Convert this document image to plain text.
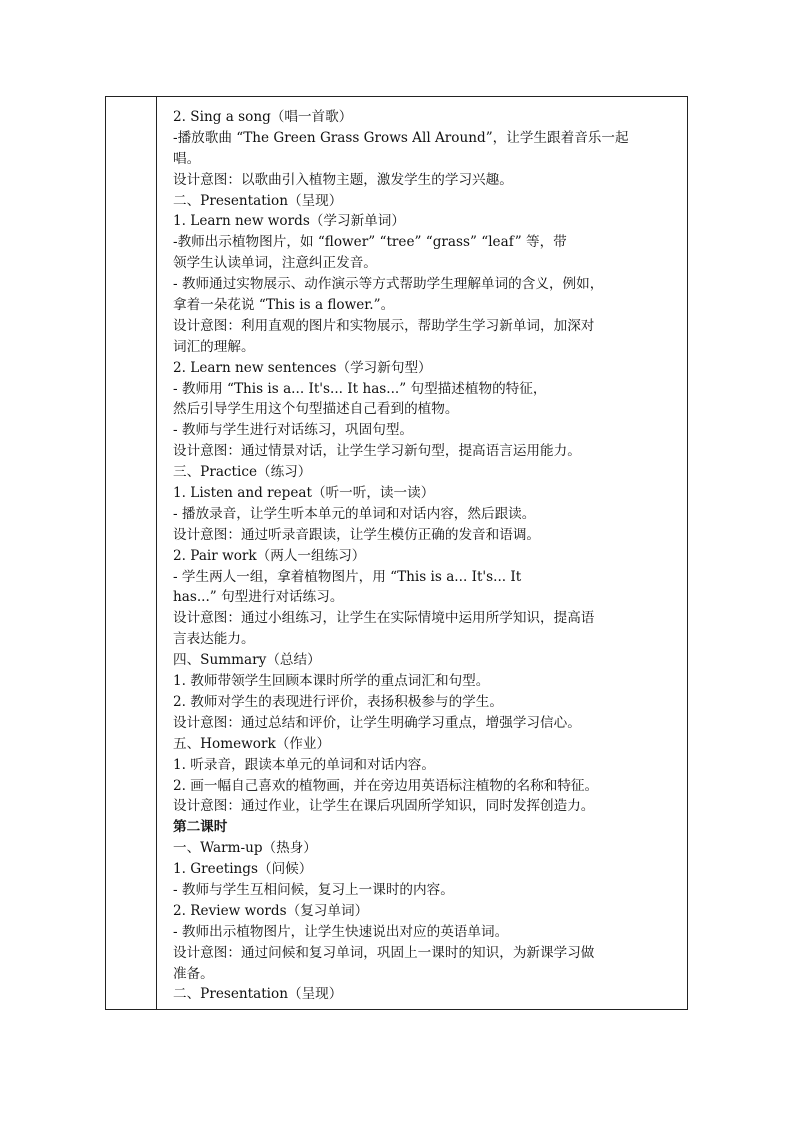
2. Sing a song（唱一首歌）
-播放歌曲 “The Green Grass Grows All Around”，让学生跟着音乐一起
唱。
设计意图：以歌曲引入植物主题，激发学生的学习兴趣。
二、Presentation（呈现）
1. Learn new words（学习新单词）
-教师出示植物图片，如 “flower” “tree” “grass” “leaf” 等，带
领学生认读单词，注意纠正发音。
- 教师通过实物展示、动作演示等方式帮助学生理解单词的含义，例如，
拿着一朵花说 “This is a flower.”。
设计意图：利用直观的图片和实物展示，帮助学生学习新单词，加深对
词汇的理解。
2. Learn new sentences（学习新句型）
- 教师用 “This is a... It's... It has...” 句型描述植物的特征，
然后引导学生用这个句型描述自己看到的植物。
- 教师与学生进行对话练习，巩固句型。
设计意图：通过情景对话，让学生学习新句型，提高语言运用能力。
三、Practice（练习）
1. Listen and repeat（听一听，读一读）
- 播放录音，让学生听本单元的单词和对话内容，然后跟读。
设计意图：通过听录音跟读，让学生模仿正确的发音和语调。
2. Pair work（两人一组练习）
- 学生两人一组，拿着植物图片，用 “This is a... It's... It
has...” 句型进行对话练习。
设计意图：通过小组练习，让学生在实际情境中运用所学知识，提高语
言表达能力。
四、Summary（总结）
1. 教师带领学生回顾本课时所学的重点词汇和句型。
2. 教师对学生的表现进行评价，表扬积极参与的学生。
设计意图：通过总结和评价，让学生明确学习重点，增强学习信心。
五、Homework（作业）
1. 听录音，跟读本单元的单词和对话内容。
2. 画一幅自己喜欢的植物画，并在旁边用英语标注植物的名称和特征。
设计意图：通过作业，让学生在课后巩固所学知识，同时发挥创造力。
第二课时
一、Warm-up（热身）
1. Greetings（问候）
- 教师与学生互相问候，复习上一课时的内容。
2. Review words（复习单词）
- 教师出示植物图片，让学生快速说出对应的英语单词。
设计意图：通过问候和复习单词，巩固上一课时的知识，为新课学习做
准备。
二、Presentation（呈现）
